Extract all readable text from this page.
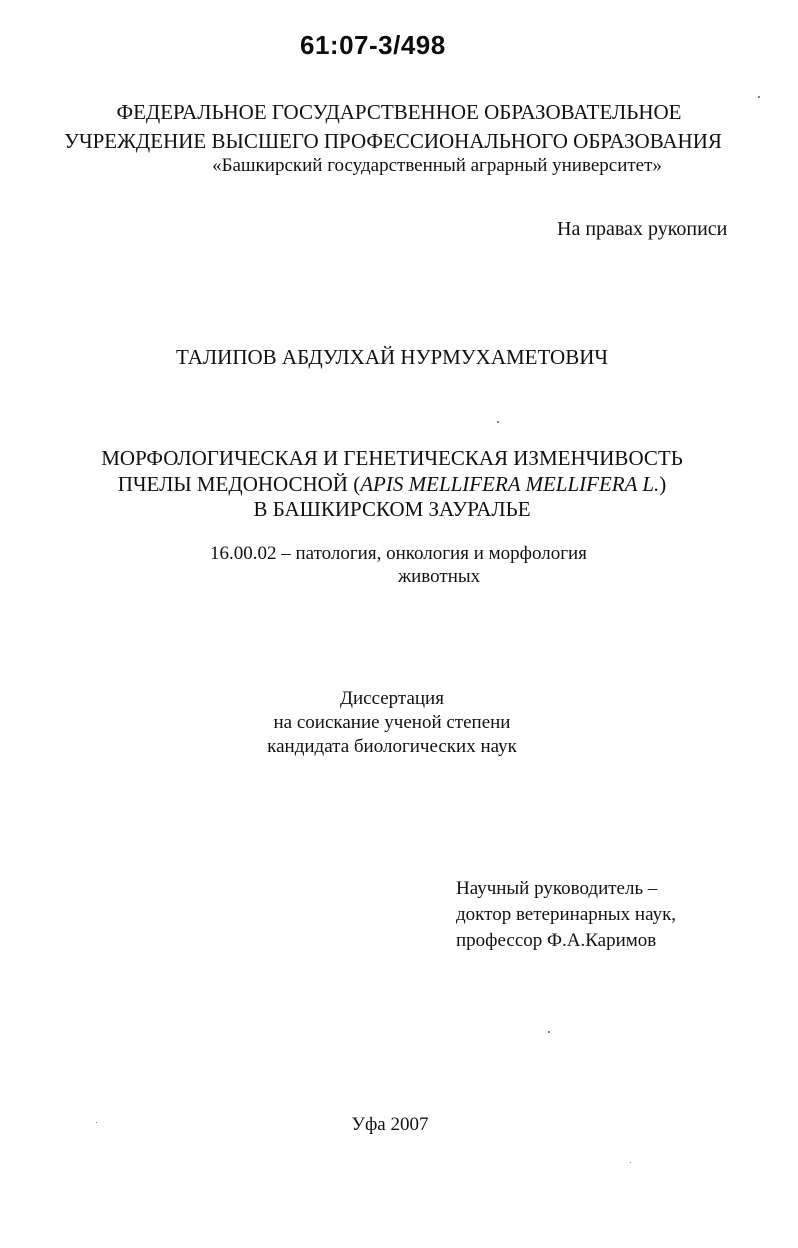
61:07-3/498
ФЕДЕРАЛЬНОЕ ГОСУДАРСТВЕННОЕ ОБРАЗОВАТЕЛЬНОЕ
УЧРЕЖДЕНИЕ ВЫСШЕГО ПРОФЕССИОНАЛЬНОГО ОБРАЗОВАНИЯ
«Башкирский государственный аграрный университет»
На правах рукописи
ТАЛИПОВ АБДУЛХАЙ НУРМУХАМЕТОВИЧ
МОРФОЛОГИЧЕСКАЯ И ГЕНЕТИЧЕСКАЯ ИЗМЕНЧИВОСТЬ
ПЧЕЛЫ МЕДОНОСНОЙ (APIS MELLIFERA MELLIFERA L.)
В БАШКИРСКОМ ЗАУРАЛЬЕ
16.00.02 – патология, онкология и морфология
животных
Диссертация
на соискание ученой степени
кандидата биологических наук
Научный руководитель –
доктор ветеринарных наук,
профессор Ф.А.Каримов
Уфа 2007
